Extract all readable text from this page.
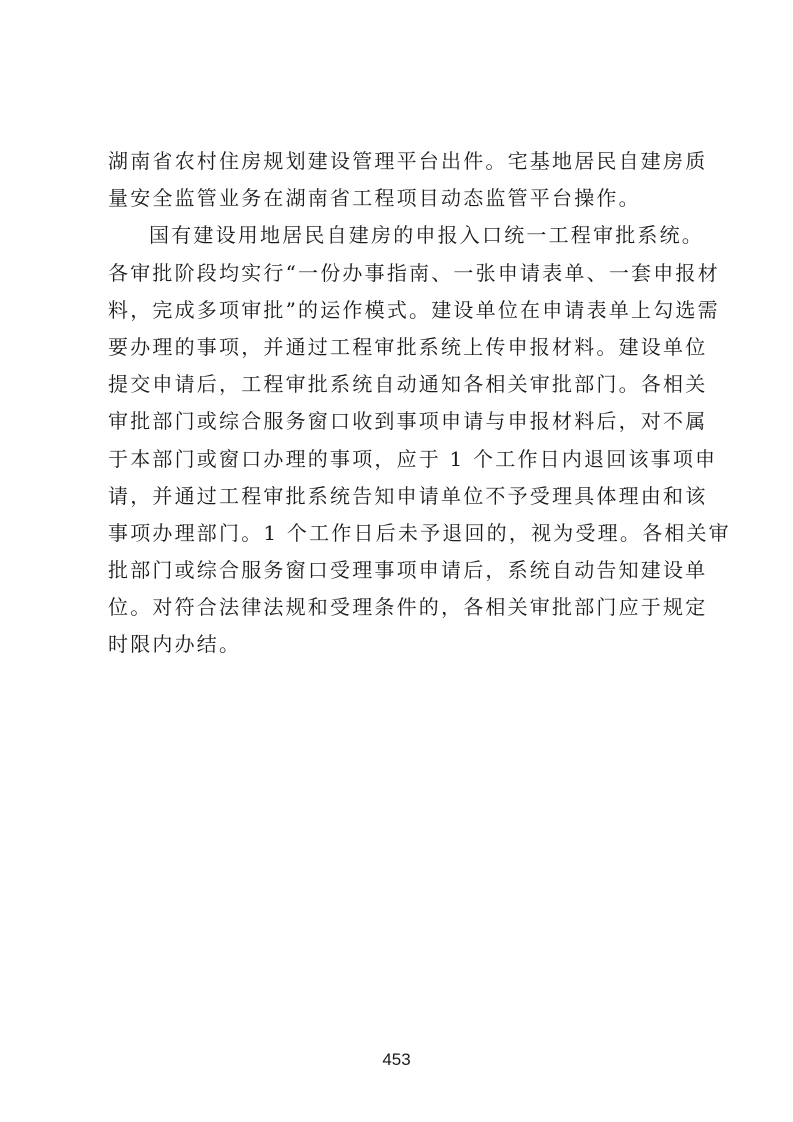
湖南省农村住房规划建设管理平台出件。宅基地居民自建房质
量安全监管业务在湖南省工程项目动态监管平台操作。
国有建设用地居民自建房的申报入口统一工程审批系统。
各审批阶段均实行“一份办事指南、一张申请表单、一套申报材
料，完成多项审批”的运作模式。建设单位在申请表单上勾选需
要办理的事项，并通过工程审批系统上传申报材料。建设单位
提交申请后，工程审批系统自动通知各相关审批部门。各相关
审批部门或综合服务窗口收到事项申请与申报材料后，对不属
于本部门或窗口办理的事项，应于 1 个工作日内退回该事项申
请，并通过工程审批系统告知申请单位不予受理具体理由和该
事项办理部门。1 个工作日后未予退回的，视为受理。各相关审
批部门或综合服务窗口受理事项申请后，系统自动告知建设单
位。对符合法律法规和受理条件的，各相关审批部门应于规定
时限内办结。
453
